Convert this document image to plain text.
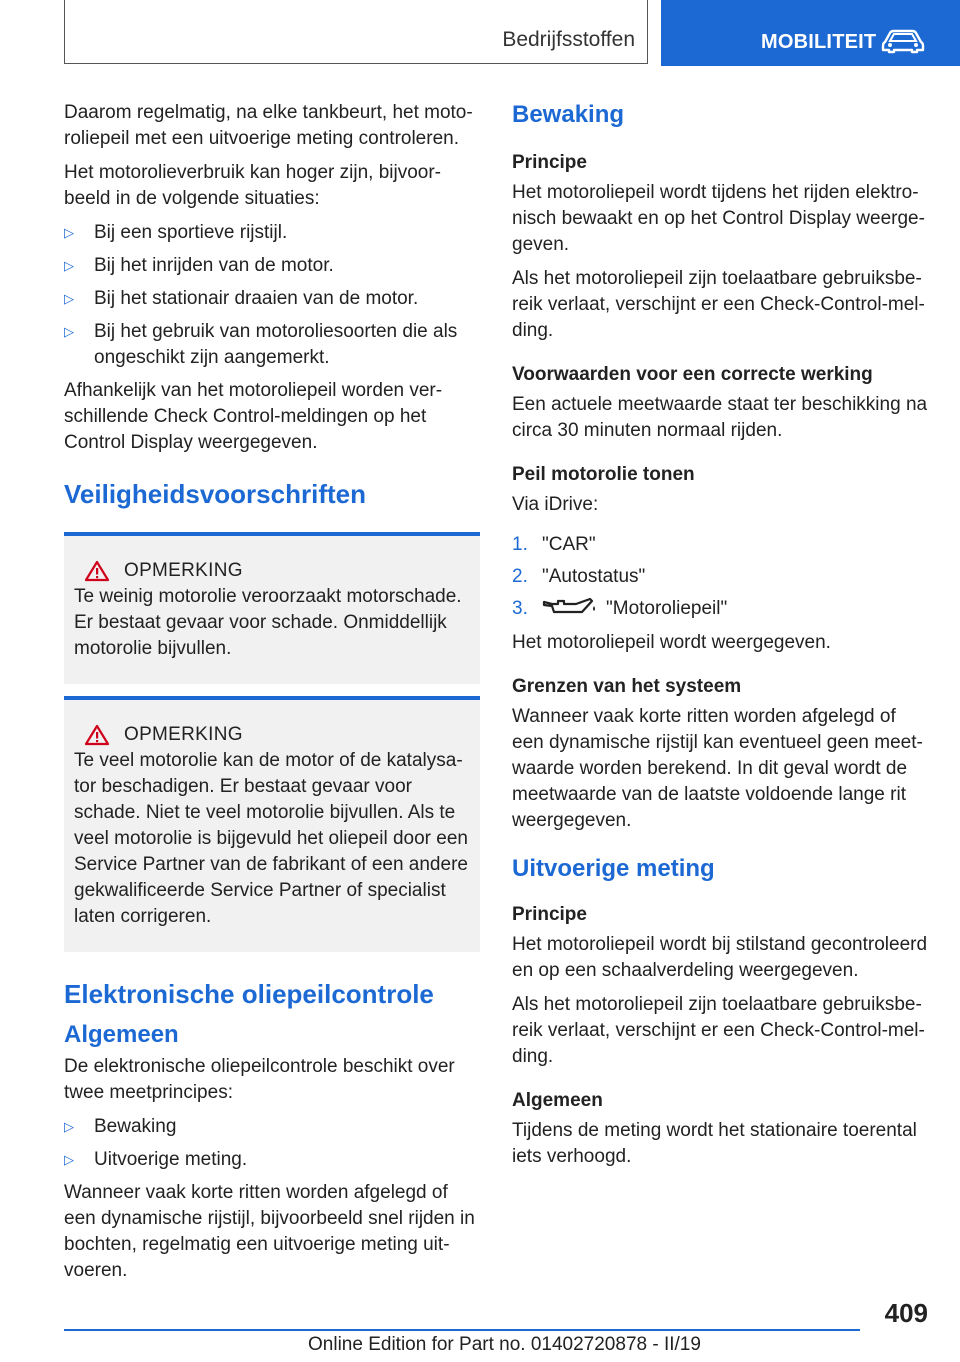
Bedrijfsstoffen	MOBILITEIT

Daarom regelmatig, na elke tankbeurt, het motoroliepeil met een uitvoerige meting controleren.

Het motorolieverbruik kan hoger zijn, bijvoorbeeld in de volgende situaties:

▷ Bij een sportieve rijstijl.
▷ Bij het inrijden van de motor.
▷ Bij het stationair draaien van de motor.
▷ Bij het gebruik van motoroliesoorten die als ongeschikt zijn aangemerkt.

Afhankelijk van het motoroliepeil worden verschillende Check Control-meldingen op het Control Display weergegeven.

Veiligheidsvoorschriften
OPMERKING

Te weinig motorolie veroorzaakt motorschade. Er bestaat gevaar voor schade. Onmiddellijk motorolie bijvullen.

OPMERKING

Te veel motorolie kan de motor of de katalysator beschadigen. Er bestaat gevaar voor schade. Niet te veel motorolie bijvullen. Als te veel motorolie is bijgevuld het oliepeil door een Service Partner van de fabrikant of een andere gekwalificeerde Service Partner of specialist laten corrigeren.

Elektronische oliepeilcontrole
Algemeen

De elektronische oliepeilcontrole beschikt over twee meetprincipes:

▷ Bewaking
▷ Uitvoerige meting.

Wanneer vaak korte ritten worden afgelegd of een dynamische rijstijl, bijvoorbeeld snel rijden in bochten, regelmatig een uitvoerige meting uitvoeren.

Bewaking
Principe

Het motoroliepeil wordt tijdens het rijden elektronisch bewaakt en op het Control Display weergegeven.

Als het motoroliepeil zijn toelaatbare gebruiksbereik verlaat, verschijnt er een Check-Control-melding.

Voorwaarden voor een correcte werking

Een actuele meetwaarde staat ter beschikking na circa 30 minuten normaal rijden.

Peil motorolie tonen

Via iDrive:

1. "CAR"
2. "Autostatus"
3.	"Motoroliepeil"

Het motoroliepeil wordt weergegeven.

Grenzen van het systeem

Wanneer vaak korte ritten worden afgelegd of een dynamische rijstijl kan eventueel geen meetwaarde worden berekend. In dit geval wordt de meetwaarde van de laatste voldoende lange rit weergegeven.

Uitvoerige meting
Principe

Het motoroliepeil wordt bij stilstand gecontroleerd en op een schaalverdeling weergegeven.

Als het motoroliepeil zijn toelaatbare gebruiksbereik verlaat, verschijnt er een Check-Control-melding.

Algemeen

Tijdens de meting wordt het stationaire toerental iets verhoogd.

409
Online Edition for Part no. 01402720878 - II/19
